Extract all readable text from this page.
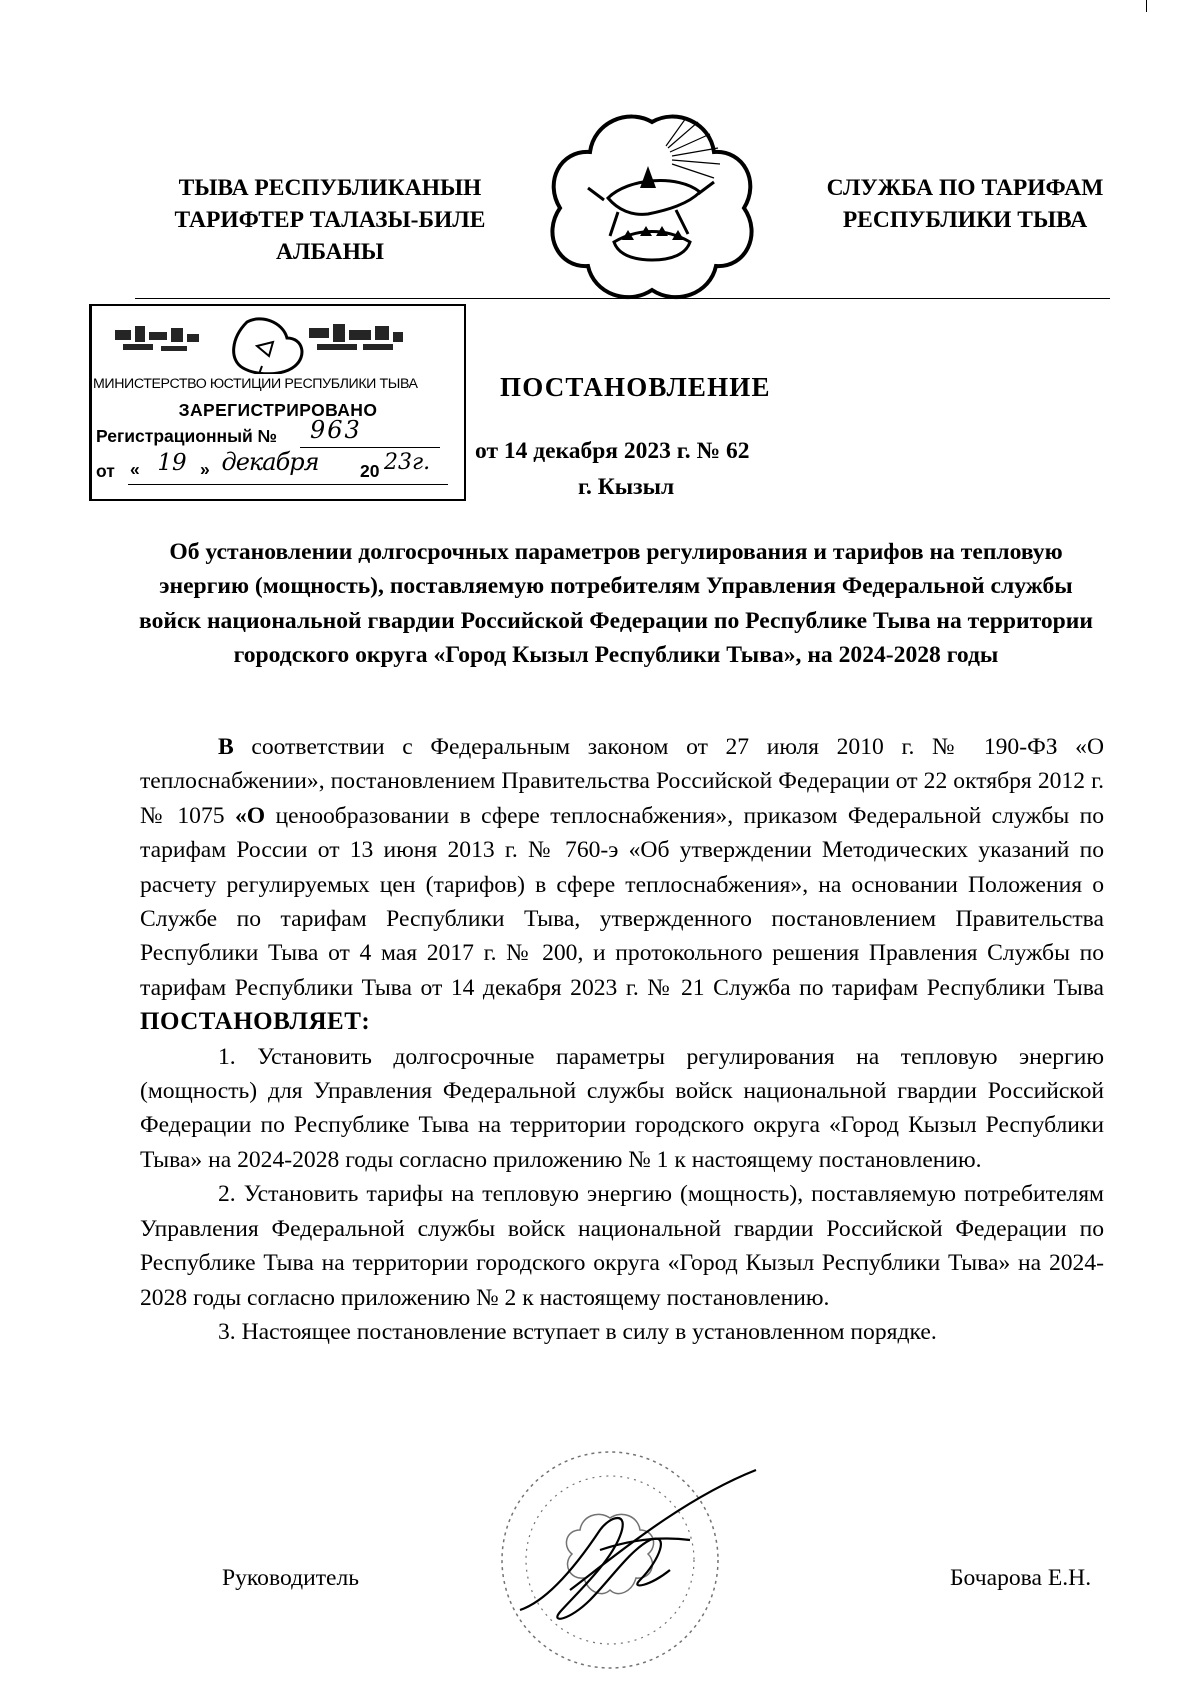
ТЫВА РЕСПУБЛИКАНЫН ТАРИФТЕР ТАЛАЗЫ-БИЛЕ АЛБАНЫ
СЛУЖБА ПО ТАРИФАМ РЕСПУБЛИКИ ТЫВА
МИНИСТЕРСТВО ЮСТИЦИИ РЕСПУБЛИКИ ТЫВА
ЗАРЕГИСТРИРОВАНО
Регистрационный № 963
от « 19 » декабря	20 23г.
ПОСТАНОВЛЕНИЕ
от 14 декабря 2023 г. № 62
г. Кызыл
Об установлении долгосрочных параметров регулирования и тарифов на тепловую энергию (мощность), поставляемую потребителям Управления Федеральной службы войск национальной гвардии Российской Федерации по Республике Тыва на территории городского округа «Город Кызыл Республики Тыва», на 2024-2028 годы

В соответствии с Федеральным законом от 27 июля 2010 г. № 190-ФЗ «О теплоснабжении», постановлением Правительства Российской Федерации от 22 октября 2012 г. № 1075 «О ценообразовании в сфере теплоснабжения», приказом Федеральной службы по тарифам России от 13 июня 2013 г. № 760-э «Об утверждении Методических указаний по расчету регулируемых цен (тарифов) в сфере теплоснабжения», на основании Положения о Службе по тарифам Республики Тыва, утвержденного постановлением Правительства Республики Тыва от 4 мая 2017 г. № 200, и протокольного решения Правления Службы по тарифам Республики Тыва от 14 декабря 2023 г. № 21 Служба по тарифам Республики Тыва ПОСТАНОВЛЯЕТ:

1. Установить долгосрочные параметры регулирования на тепловую энергию (мощность) для Управления Федеральной службы войск национальной гвардии Российской Федерации по Республике Тыва на территории городского округа «Город Кызыл Республики Тыва» на 2024-2028 годы согласно приложению № 1 к настоящему постановлению.

2. Установить тарифы на тепловую энергию (мощность), поставляемую потребителям Управления Федеральной службы войск национальной гвардии Российской Федерации по Республике Тыва на территории городского округа «Город Кызыл Республики Тыва» на 2024-2028 годы согласно приложению № 2 к настоящему постановлению.

3. Настоящее постановление вступает в силу в установленном порядке.

Руководитель	Бочарова Е.Н.
